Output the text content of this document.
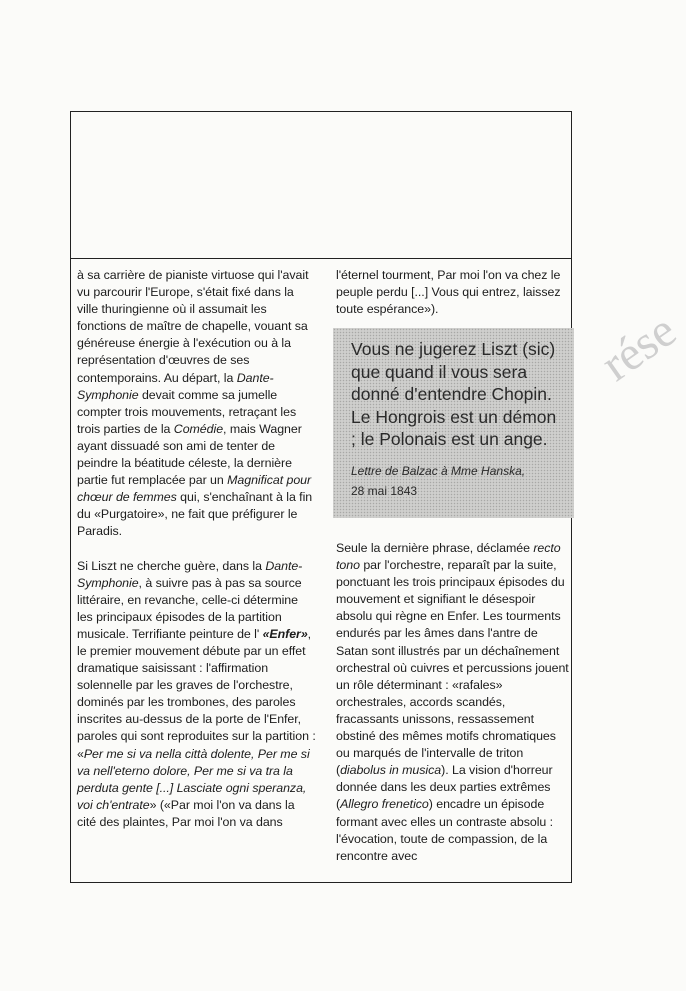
rése

à sa carrière de pianiste virtuose qui l'avait vu parcourir l'Europe, s'était fixé dans la ville thuringienne où il assumait les fonctions de maître de chapelle, vouant sa généreuse énergie à l'exécution ou à la représentation d'œuvres de ses contemporains. Au départ, la Dante-Symphonie devait comme sa jumelle compter trois mouvements, retraçant les trois parties de la Comédie, mais Wagner ayant dissuadé son ami de tenter de peindre la béatitude céleste, la dernière partie fut remplacée par un Magnificat pour chœur de femmes qui, s'enchaînant à la fin du «Purgatoire», ne fait que préfigurer le Paradis.

Si Liszt ne cherche guère, dans la Dante-Symphonie, à suivre pas à pas sa source littéraire, en revanche, celle-ci détermine les principaux épisodes de la partition musicale. Terrifiante peinture de l' «Enfer», le premier mouvement débute par un effet dramatique saisissant : l'affirmation solennelle par les graves de l'orchestre, dominés par les trombones, des paroles inscrites au-dessus de la porte de l'Enfer, paroles qui sont reproduites sur la partition : «Per me si va nella città dolente, Per me si va nell'eterno dolore, Per me si va tra la perduta gente [...] Lasciate ogni speranza, voi ch'entrate» («Par moi l'on va dans la cité des plaintes, Par moi l'on va dans

l'éternel tourment, Par moi l'on va chez le peuple perdu [...] Vous qui entrez, laissez toute espérance»).

Vous ne jugerez Liszt (sic) que quand il vous sera donné d'entendre Chopin. Le Hongrois est un démon ; le Polonais est un ange.

Lettre de Balzac à Mme Hanska,
28 mai 1843

Seule la dernière phrase, déclamée recto tono par l'orchestre, reparaît par la suite, ponctuant les trois principaux épisodes du mouvement et signifiant le désespoir absolu qui règne en Enfer. Les tourments endurés par les âmes dans l'antre de Satan sont illustrés par un déchaînement orchestral où cuivres et percussions jouent un rôle déterminant : «rafales» orchestrales, accords scandés, fracassants unissons, ressassement obstiné des mêmes motifs chromatiques ou marqués de l'intervalle de triton (diabolus in musica). La vision d'horreur donnée dans les deux parties extrêmes (Allegro frenetico) encadre un épisode formant avec elles un contraste absolu : l'évocation, toute de compassion, de la rencontre avec
